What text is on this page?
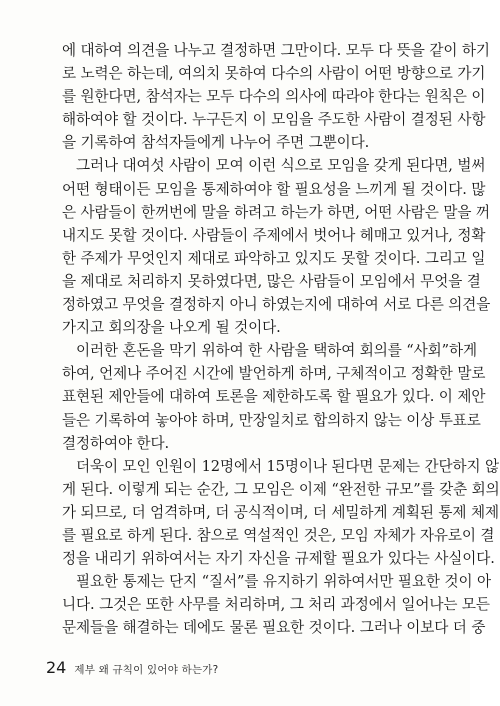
에 대하여 의견을 나누고 결정하면 그만이다. 모두 다 뜻을 같이 하기
로 노력은 하는데, 여의치 못하여 다수의 사람이 어떤 방향으로 가기
를 원한다면, 참석자는 모두 다수의 의사에 따라야 한다는 원칙은 이
해하여야 할 것이다. 누구든지 이 모임을 주도한 사람이 결정된 사항
을 기록하여 참석자들에게 나누어 주면 그뿐이다.
그러나 대여섯 사람이 모여 이런 식으로 모임을 갖게 된다면, 벌써
어떤 형태이든 모임을 통제하여야 할 필요성을 느끼게 될 것이다. 많
은 사람들이 한꺼번에 말을 하려고 하는가 하면, 어떤 사람은 말을 꺼
내지도 못할 것이다. 사람들이 주제에서 벗어나 헤매고 있거나, 정확
한 주제가 무엇인지 제대로 파악하고 있지도 못할 것이다. 그리고 일
을 제대로 처리하지 못하였다면, 많은 사람들이 모임에서 무엇을 결
정하였고 무엇을 결정하지 아니 하였는지에 대하여 서로 다른 의견을
가지고 회의장을 나오게 될 것이다.
이러한 혼돈을 막기 위하여 한 사람을 택하여 회의를 “사회”하게
하여, 언제나 주어진 시간에 발언하게 하며, 구체적이고 정확한 말로
표현된 제안들에 대하여 토론을 제한하도록 할 필요가 있다. 이 제안
들은 기록하여 놓아야 하며, 만장일치로 합의하지 않는 이상 투표로
결정하여야 한다.
더욱이 모인 인원이 12명에서 15명이나 된다면 문제는 간단하지 않
게 된다. 이렇게 되는 순간, 그 모임은 이제 “완전한 규모”를 갖춘 회의
가 되므로, 더 엄격하며, 더 공식적이며, 더 세밀하게 계획된 통제 체제
를 필요로 하게 된다. 참으로 역설적인 것은, 모임 자체가 자유로이 결
정을 내리기 위하여서는 자기 자신을 규제할 필요가 있다는 사실이다.
필요한 통제는 단지 “질서”를 유지하기 위하여서만 필요한 것이 아
니다. 그것은 또한 사무를 처리하며, 그 처리 과정에서 일어나는 모든
문제들을 해결하는 데에도 물론 필요한 것이다. 그러나 이보다 더 중
24 제부 왜 규칙이 있어야 하는가?
